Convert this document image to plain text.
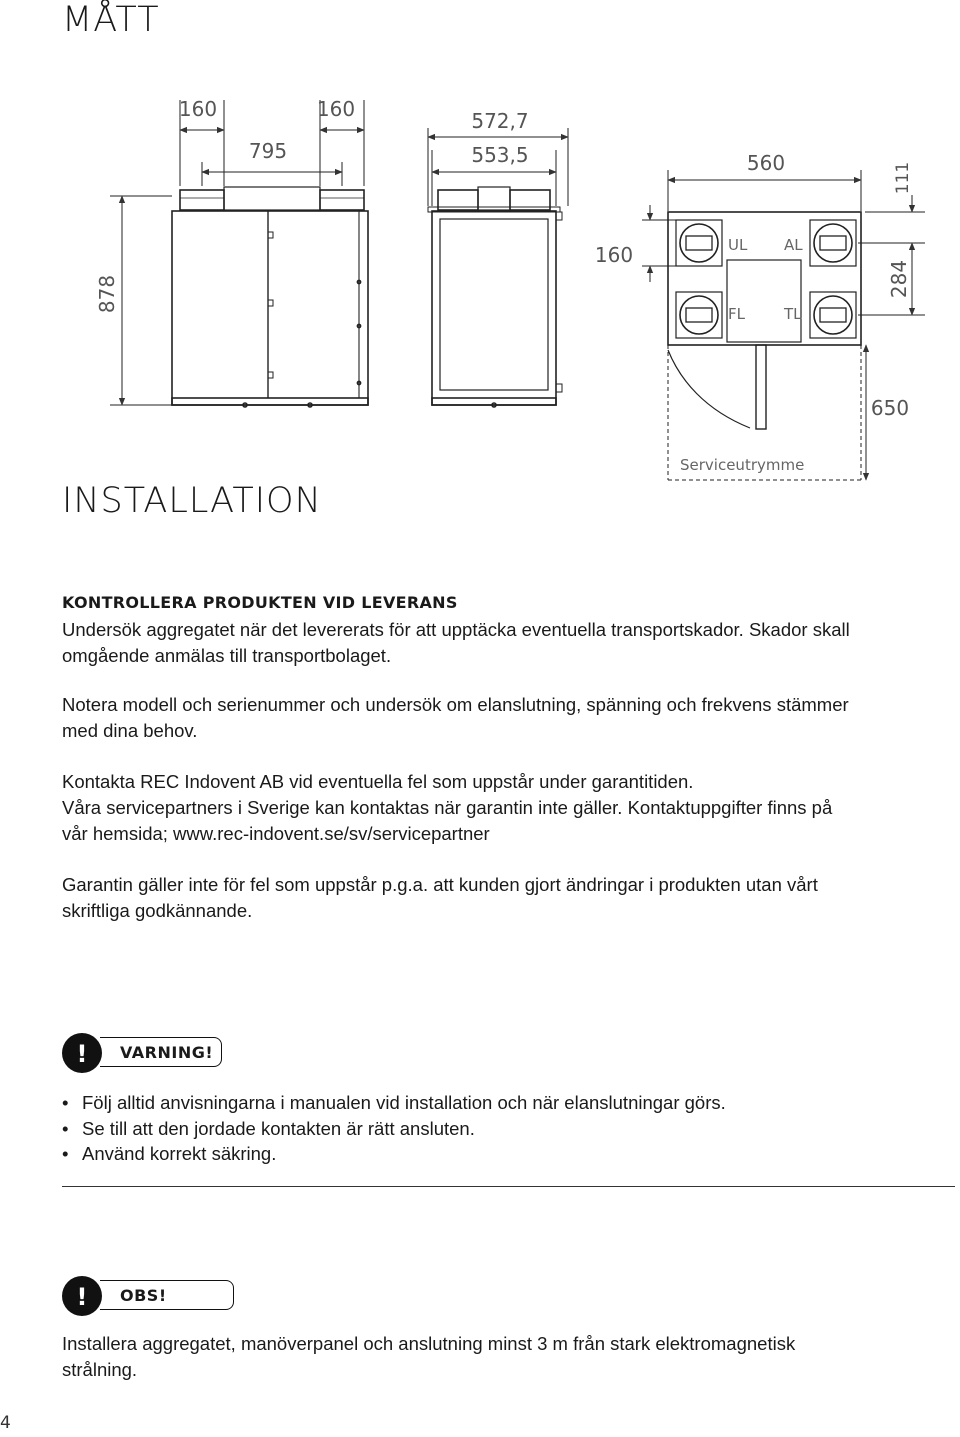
MÅTT
160	160
795
878
572,7
553,5	560	111
284
160
650
UL AL
FL	TL
Serviceutrymme
INSTALLATION
KONTROLLERA PRODUKTEN VID LEVERANS

Undersök aggregatet när det levererats för att upptäcka eventuella transportskador. Skador skall
omgående anmälas till transportbolaget.

Notera modell och serienummer och undersök om elanslutning, spänning och frekvens stämmer
med dina behov.

Kontakta REC Indovent AB vid eventuella fel som uppstår under garantitiden.
Våra servicepartners i Sverige kan kontaktas när garantin inte gäller. Kontaktuppgifter finns på
vår hemsida; www.rec-indovent.se/sv/servicepartner

Garantin gäller inte för fel som uppstår p.g.a. att kunden gjort ändringar i produkten utan vårt
skriftliga godkännande.

!	VARNING!
• Följ alltid anvisningarna i manualen vid installation och när elanslutningar görs.
• Se till att den jordade kontakten är rätt ansluten.
• Använd korrekt säkring.
!	OBS!

Installera aggregatet, manöverpanel och anslutning minst 3 m från stark elektromagnetisk
strålning.

4
